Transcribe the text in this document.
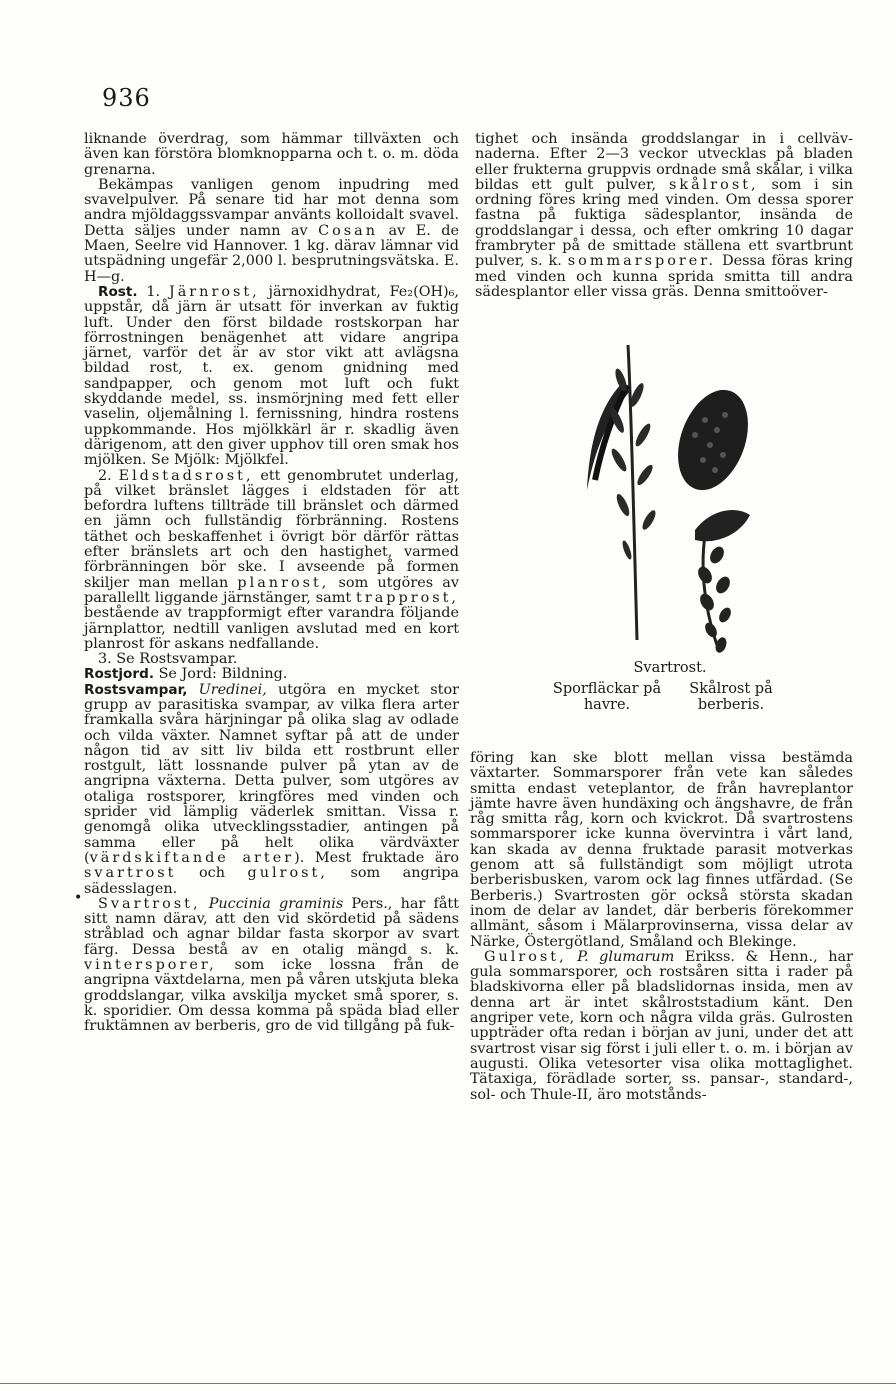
936

liknande överdrag, som hämmar tillväxten och även kan förstöra blomknopparna och t. o. m. döda grenarna.

Bekämpas vanligen genom inpudring med svavelpulver. På senare tid har mot denna som andra mjöldaggssvampar använts kolloidalt svavel. Detta säljes under namn av Cosan av E. de Maen, Seelre vid Hannover. 1 kg. därav lämnar vid utspädning ungefär 2,000 l. besprutningsvätska. E. H—g.

Rost. 1. Järnrost, järnoxidhydrat, Fe₂(OH)₆, uppstår, då järn är utsatt för inverkan av fuktig luft. Under den först bildade rostskorpan har förrostningen benägenhet att vidare angripa järnet, varför det är av stor vikt att avlägsna bildad rost, t. ex. genom gnidning med sandpapper, och genom mot luft och fukt skyddande medel, ss. insmörjning med fett eller vaselin, oljemålning l. fernissning, hindra rostens uppkommande. Hos mjölkkärl är r. skadlig även därigenom, att den giver upphov till oren smak hos mjölken. Se Mjölk: Mjölkfel.

2. Eldstadsrost, ett genombrutet underlag, på vilket bränslet lägges i eldstaden för att befordra luftens tillträde till bränslet och därmed en jämn och fullständig förbränning. Rostens täthet och beskaffenhet i övrigt bör därför rättas efter bränslets art och den hastighet, varmed förbränningen bör ske. I avseende på formen skiljer man mellan planrost, som utgöres av parallellt liggande järnstänger, samt trapprost, bestående av trappformigt efter varandra följande järnplattor, nedtill vanligen avslutad med en kort planrost för askans nedfallande.

3. Se Rostsvampar.

Rostjord. Se Jord: Bildning.

Rostsvampar, Uredinei, utgöra en mycket stor grupp av parasitiska svampar, av vilka flera arter framkalla svåra härjningar på olika slag av odlade och vilda växter. Namnet syftar på att de under någon tid av sitt liv bilda ett rostbrunt eller rostgult, lätt lossnande pulver på ytan av de angripna växterna. Detta pulver, som utgöres av otaliga rostsporer, kringföres med vinden och sprider vid lämplig väderlek smittan. Vissa r. genomgå olika utvecklingsstadier, antingen på samma eller på helt olika värdväxter (värdskiftande arter). Mest fruktade äro svartrost och gulrost, som angripa sädesslagen.

Svartrost, Puccinia graminis Pers., har fått sitt namn därav, att den vid skördetid på sädens stråblad och agnar bildar fasta skorpor av svart färg. Dessa bestå av en otalig mängd s. k. vintersporer, som icke lossna från de angripna växtdelarna, men på våren utskjuta bleka groddslangar, vilka avskilja mycket små sporer, s. k. sporidier. Om dessa komma på späda blad eller fruktämnen av berberis, gro de vid tillgång på fuk-

•

tighet och insända groddslangar in i cellväv-naderna. Efter 2—3 veckor utvecklas på bladen eller frukterna gruppvis ordnade små skålar, i vilka bildas ett gult pulver, skålrost, som i sin ordning föres kring med vinden. Om dessa sporer fastna på fuktiga sädesplantor, insända de groddslangar i dessa, och efter omkring 10 dagar frambryter på de smittade ställena ett svartbrunt pulver, s. k. sommarsporer. Dessa föras kring med vinden och kunna sprida smitta till andra sädesplantor eller vissa gräs. Denna smittoöver-

Svartrost.
Sporfläckar på havre.
Skålrost på berberis.

föring kan ske blott mellan vissa bestämda växtarter. Sommarsporer från vete kan således smitta endast veteplantor, de från havreplantor jämte havre även hundäxing och ängshavre, de från råg smitta råg, korn och kvickrot. Då svartrostens sommarsporer icke kunna övervintra i vårt land, kan skada av denna fruktade parasit motverkas genom att så fullständigt som möjligt utrota berberisbusken, varom ock lag finnes utfärdad. (Se Berberis.) Svartrosten gör också största skadan inom de delar av landet, där berberis förekommer allmänt, såsom i Mälarprovinserna, vissa delar av Närke, Östergötland, Småland och Blekinge.

Gulrost, P. glumarum Erikss. & Henn., har gula sommarsporer, och rostsåren sitta i rader på bladskivorna eller på bladslidornas insida, men av denna art är intet skålroststadium känt. Den angriper vete, korn och några vilda gräs. Gulrosten uppträder ofta redan i början av juni, under det att svartrost visar sig först i juli eller t. o. m. i början av augusti. Olika vetesorter visa olika mottaglighet. Tätaxiga, förädlade sorter, ss. pansar-, standard-, sol- och Thule-II, äro motstånds-
